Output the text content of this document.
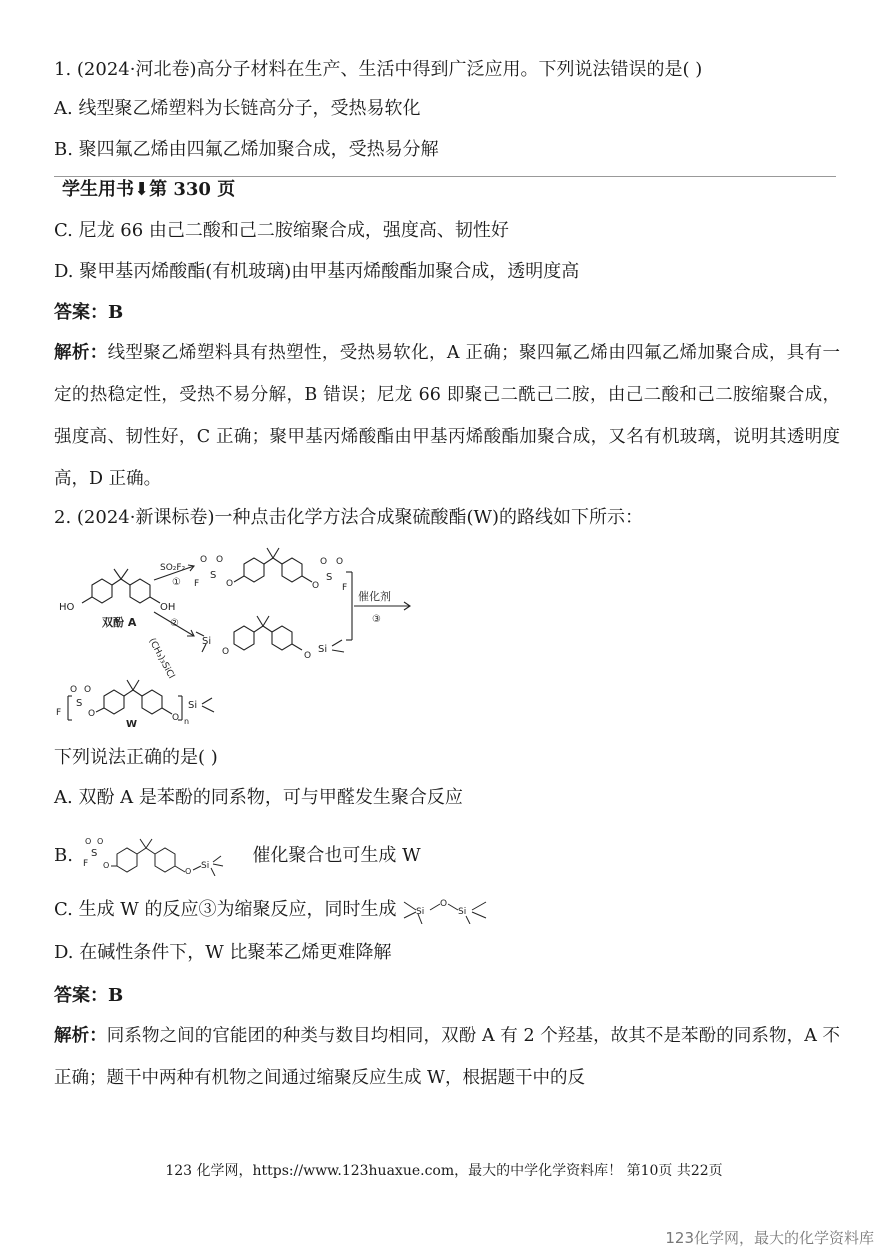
1. (2024·河北卷)高分子材料在生产、生活中得到广泛应用。下列说法错误的是( )
A. 线型聚乙烯塑料为长链高分子，受热易软化
B. 聚四氟乙烯由四氟乙烯加聚合成，受热易分解
学生用书⬇第 330 页
C. 尼龙 66 由己二酸和己二胺缩聚合成，强度高、韧性好
D. 聚甲基丙烯酸酯(有机玻璃)由甲基丙烯酸酯加聚合成，透明度高
答案：B
解析：线型聚乙烯塑料具有热塑性，受热易软化，A 正确；聚四氟乙烯由四氟乙烯加聚合成，具有一定的热稳定性，受热不易分解，B 错误；尼龙 66 即聚己二酰己二胺，由己二酸和己二胺缩聚合成，强度高、韧性好，C 正确；聚甲基丙烯酸酯由甲基丙烯酸酯加聚合成，又名有机玻璃，说明其透明度高，D 正确。
2. (2024·新课标卷)一种点击化学方法合成聚硫酸酯(W)的路线如下所示：
HO	OH
双酚 A
SO₂F₂
①
②
(CH₃)₃SiCl
F
S
O O
O	O
S
O O
F
Si
O	O
Si
催化剂
③
F
S
O O
O	O n
Si
W
下列说法正确的是( )
A. 双酚 A 是苯酚的同系物，可与甲醛发生聚合反应
B. F
S
O O
O
O
Si 催化聚合也可生成 W
C. 生成 W 的反应③为缩聚反应，同时生成 Si
O
Si
D. 在碱性条件下，W 比聚苯乙烯更难降解
答案：B
解析：同系物之间的官能团的种类与数目均相同，双酚 A 有 2 个羟基，故其不是苯酚的同系物，A 不正确；题干中两种有机物之间通过缩聚反应生成 W，根据题干中的反
123 化学网，https://www.123huaxue.com，最大的中学化学资料库！ 第10页 共22页
123化学网，最大的化学资料库
